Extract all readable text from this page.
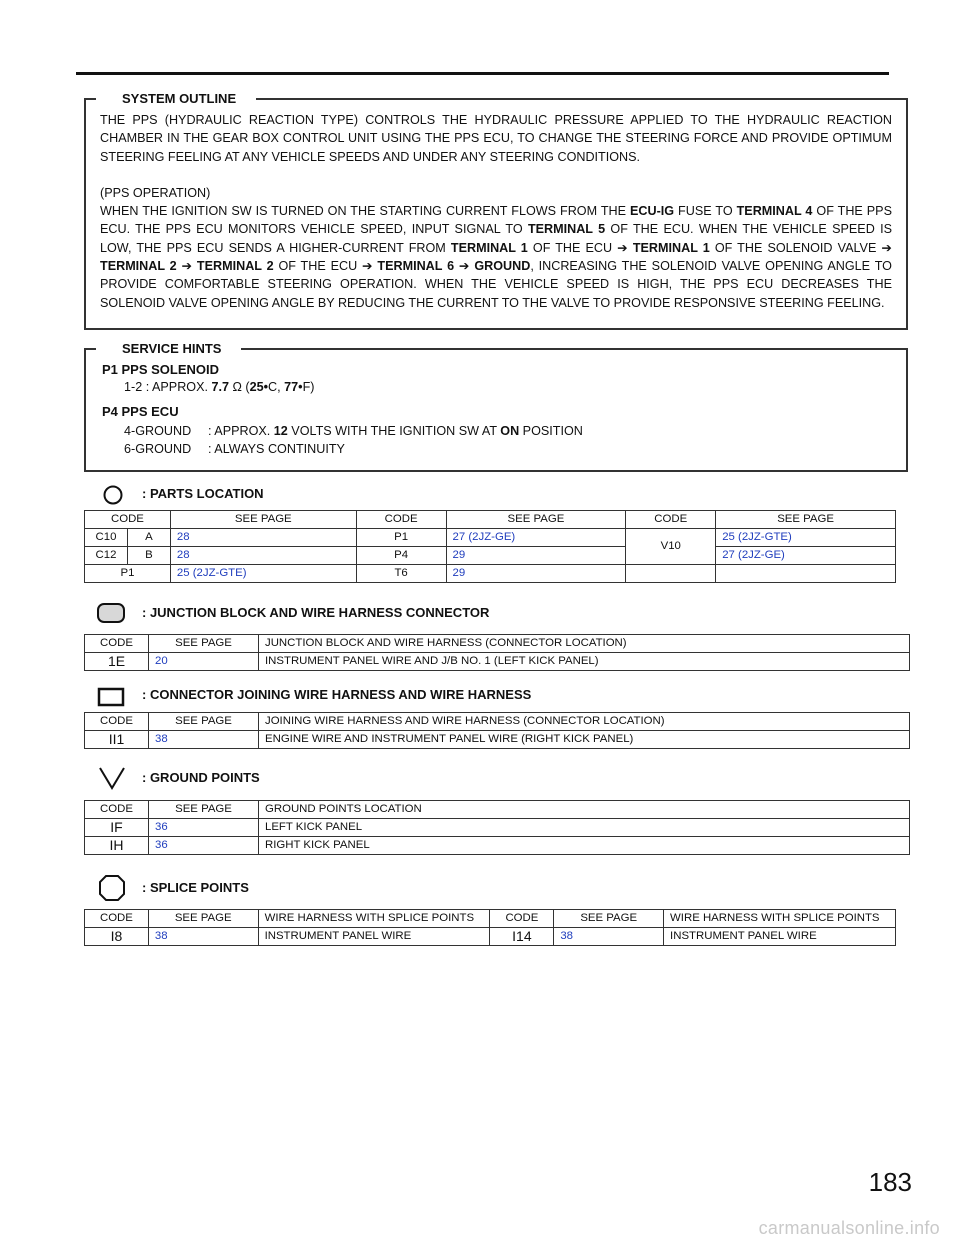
SYSTEM OUTLINE

THE PPS (HYDRAULIC REACTION TYPE) CONTROLS THE HYDRAULIC PRESSURE APPLIED TO THE HYDRAULIC REACTION CHAMBER IN THE GEAR BOX CONTROL UNIT USING THE PPS ECU, TO CHANGE THE STEERING FORCE AND PROVIDE OPTIMUM STEERING FEELING AT ANY VEHICLE SPEEDS AND UNDER ANY STEERING CONDITIONS.

(PPS OPERATION)

WHEN THE IGNITION SW IS TURNED ON THE STARTING CURRENT FLOWS FROM THE ECU-IG FUSE TO TERMINAL 4 OF THE PPS ECU. THE PPS ECU MONITORS VEHICLE SPEED, INPUT SIGNAL TO TERMINAL 5 OF THE ECU. WHEN THE VEHICLE SPEED IS LOW, THE PPS ECU SENDS A HIGHER-CURRENT FROM TERMINAL 1 OF THE ECU ➔ TERMINAL 1 OF THE SOLENOID VALVE ➔ TERMINAL 2 ➔ TERMINAL 2 OF THE ECU ➔ TERMINAL 6 ➔ GROUND, INCREASING THE SOLENOID VALVE OPENING ANGLE TO PROVIDE COMFORTABLE STEERING OPERATION. WHEN THE VEHICLE SPEED IS HIGH, THE PPS ECU DECREASES THE SOLENOID VALVE OPENING ANGLE BY REDUCING THE CURRENT TO THE VALVE TO PROVIDE RESPONSIVE STEERING FEELING.

SERVICE HINTS
P1 PPS SOLENOID
1-2 : APPROX. 7.7 Ω (25•C, 77•F)
P4 PPS ECU
4-GROUND : APPROX. 12 VOLTS WITH THE IGNITION SW AT ON POSITION
6-GROUND : ALWAYS CONTINUITY
: PARTS LOCATION
CODE		SEE PAGE	CODE	SEE PAGE	CODE	SEE PAGE
C10	A	28	P1	27 (2JZ-GE)	V10	25 (2JZ-GTE)
C12	B	28	P4	29		27 (2JZ-GE)
P1		25 (2JZ-GTE)	T6	29		
: JUNCTION BLOCK AND WIRE HARNESS CONNECTOR
CODE	SEE PAGE	JUNCTION BLOCK AND WIRE HARNESS (CONNECTOR LOCATION)
1E	20	INSTRUMENT PANEL WIRE AND J/B NO. 1 (LEFT KICK PANEL)
: CONNECTOR JOINING WIRE HARNESS AND WIRE HARNESS
CODE	SEE PAGE	JOINING WIRE HARNESS AND WIRE HARNESS (CONNECTOR LOCATION)
II1	38	ENGINE WIRE AND INSTRUMENT PANEL WIRE (RIGHT KICK PANEL)
: GROUND POINTS
CODE	SEE PAGE	GROUND POINTS LOCATION
IF	36	LEFT KICK PANEL
IH	36	RIGHT KICK PANEL
: SPLICE POINTS
CODE	SEE PAGE	WIRE HARNESS WITH SPLICE POINTS	CODE	SEE PAGE	WIRE HARNESS WITH SPLICE POINTS
I8	38	INSTRUMENT PANEL WIRE	I14	38	INSTRUMENT PANEL WIRE
183
carmanualsonline.info
